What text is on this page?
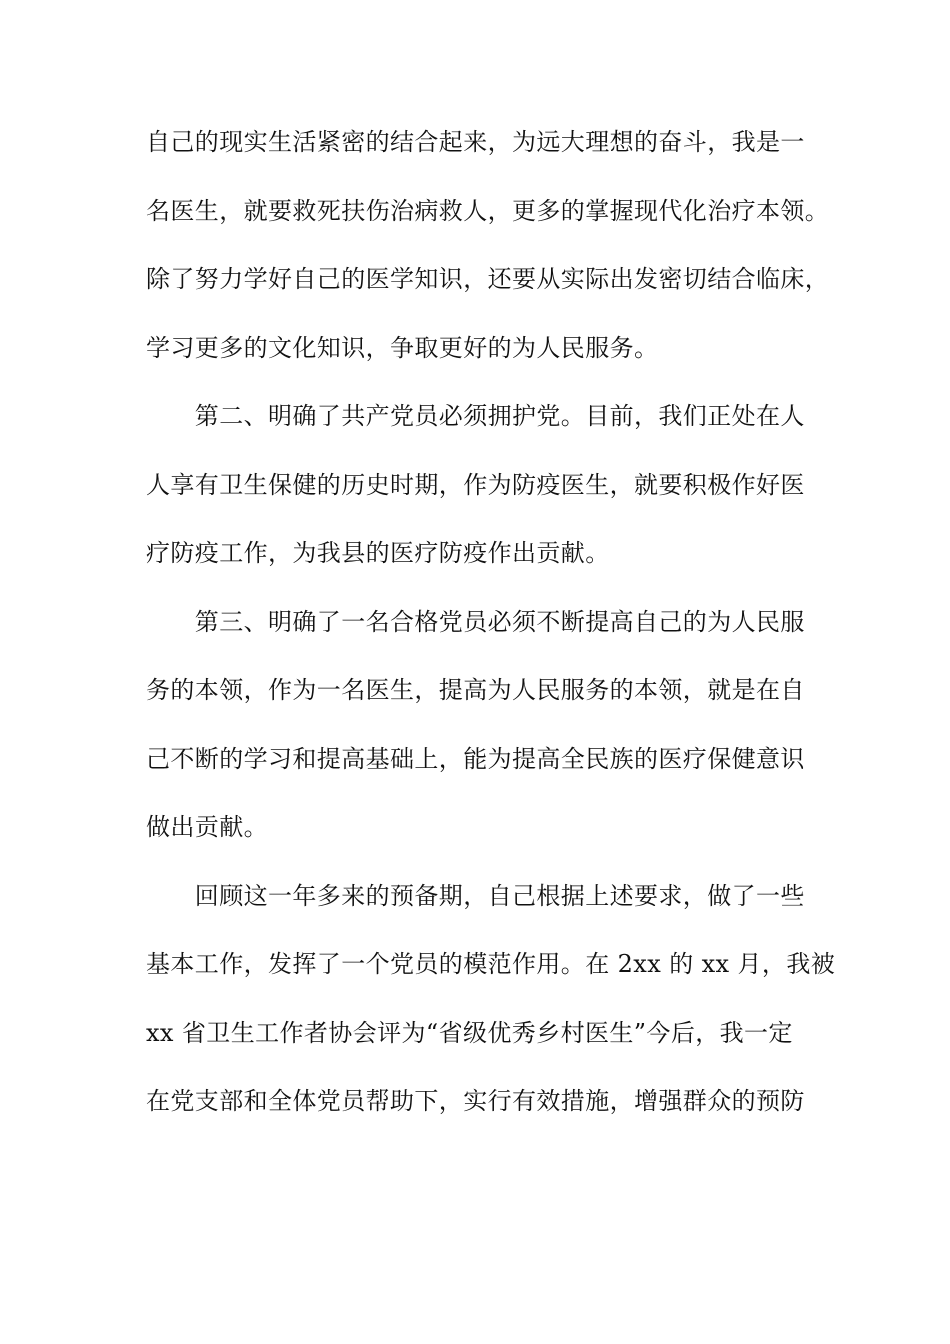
自己的现实生活紧密的结合起来，为远大理想的奋斗，我是一
名医生，就要救死扶伤治病救人，更多的掌握现代化治疗本领。
除了努力学好自己的医学知识，还要从实际出发密切结合临床，
学习更多的文化知识，争取更好的为人民服务。
　　第二、明确了共产党员必须拥护党。目前，我们正处在人
人享有卫生保健的历史时期，作为防疫医生，就要积极作好医
疗防疫工作，为我县的医疗防疫作出贡献。
　　第三、明确了一名合格党员必须不断提高自己的为人民服
务的本领，作为一名医生，提高为人民服务的本领，就是在自
己不断的学习和提高基础上，能为提高全民族的医疗保健意识
做出贡献。
　　回顾这一年多来的预备期，自己根据上述要求，做了一些
基本工作，发挥了一个党员的模范作用。在 2xx 的 xx 月，我被
xx 省卫生工作者协会评为“省级优秀乡村医生”今后，我一定
在党支部和全体党员帮助下，实行有效措施，增强群众的预防
